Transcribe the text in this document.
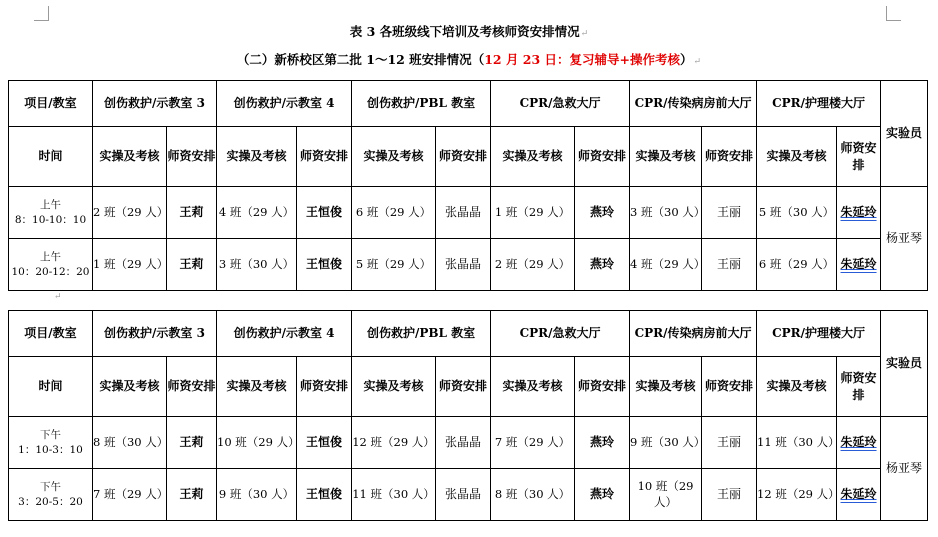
表 3 各班级线下培训及考核师资安排情况↵
（二）新桥校区第二批 1～12 班安排情况（12 月 23 日：复习辅导+操作考核）↵
项目/教室	创伤救护/示教室 3		创伤救护/示教室 4		创伤救护/PBL 教室		CPR/急救大厅		CPR/传染病房前大厅		CPR/护理楼大厅		实验员
时间	实操及考核	师资安排	实操及考核	师资安排	实操及考核	师资安排	实操及考核	师资安排	实操及考核	师资安排	实操及考核	师资安排	
上午
8：10-10：10	2 班（29 人）	王莉	4 班（29 人）	王恒俊	6 班（29 人）	张晶晶	1 班（29 人）	燕玲	3 班（30 人）	王丽	5 班（30 人）	朱延玲	杨亚琴
上午
10：20-12：20	1 班（29 人）	王莉	3 班（30 人）	王恒俊	5 班（29 人）	张晶晶	2 班（29 人）	燕玲	4 班（29 人）	王丽	6 班（29 人）	朱延玲	
↵
项目/教室	创伤救护/示教室 3		创伤救护/示教室 4		创伤救护/PBL 教室		CPR/急救大厅		CPR/传染病房前大厅		CPR/护理楼大厅		实验员
时间	实操及考核	师资安排	实操及考核	师资安排	实操及考核	师资安排	实操及考核	师资安排	实操及考核	师资安排	实操及考核	师资安排	
下午
1：10-3：10	8 班（30 人）	王莉	10 班（29 人）	王恒俊	12 班（29 人）	张晶晶	7 班（29 人）	燕玲	9 班（30 人）	王丽	11 班（30 人）	朱延玲	杨亚琴
下午
3：20-5：20	7 班（29 人）	王莉	9 班（30 人）	王恒俊	11 班（30 人）	张晶晶	8 班（30 人）	燕玲	10 班（29 人）	王丽	12 班（29 人）	朱延玲	
